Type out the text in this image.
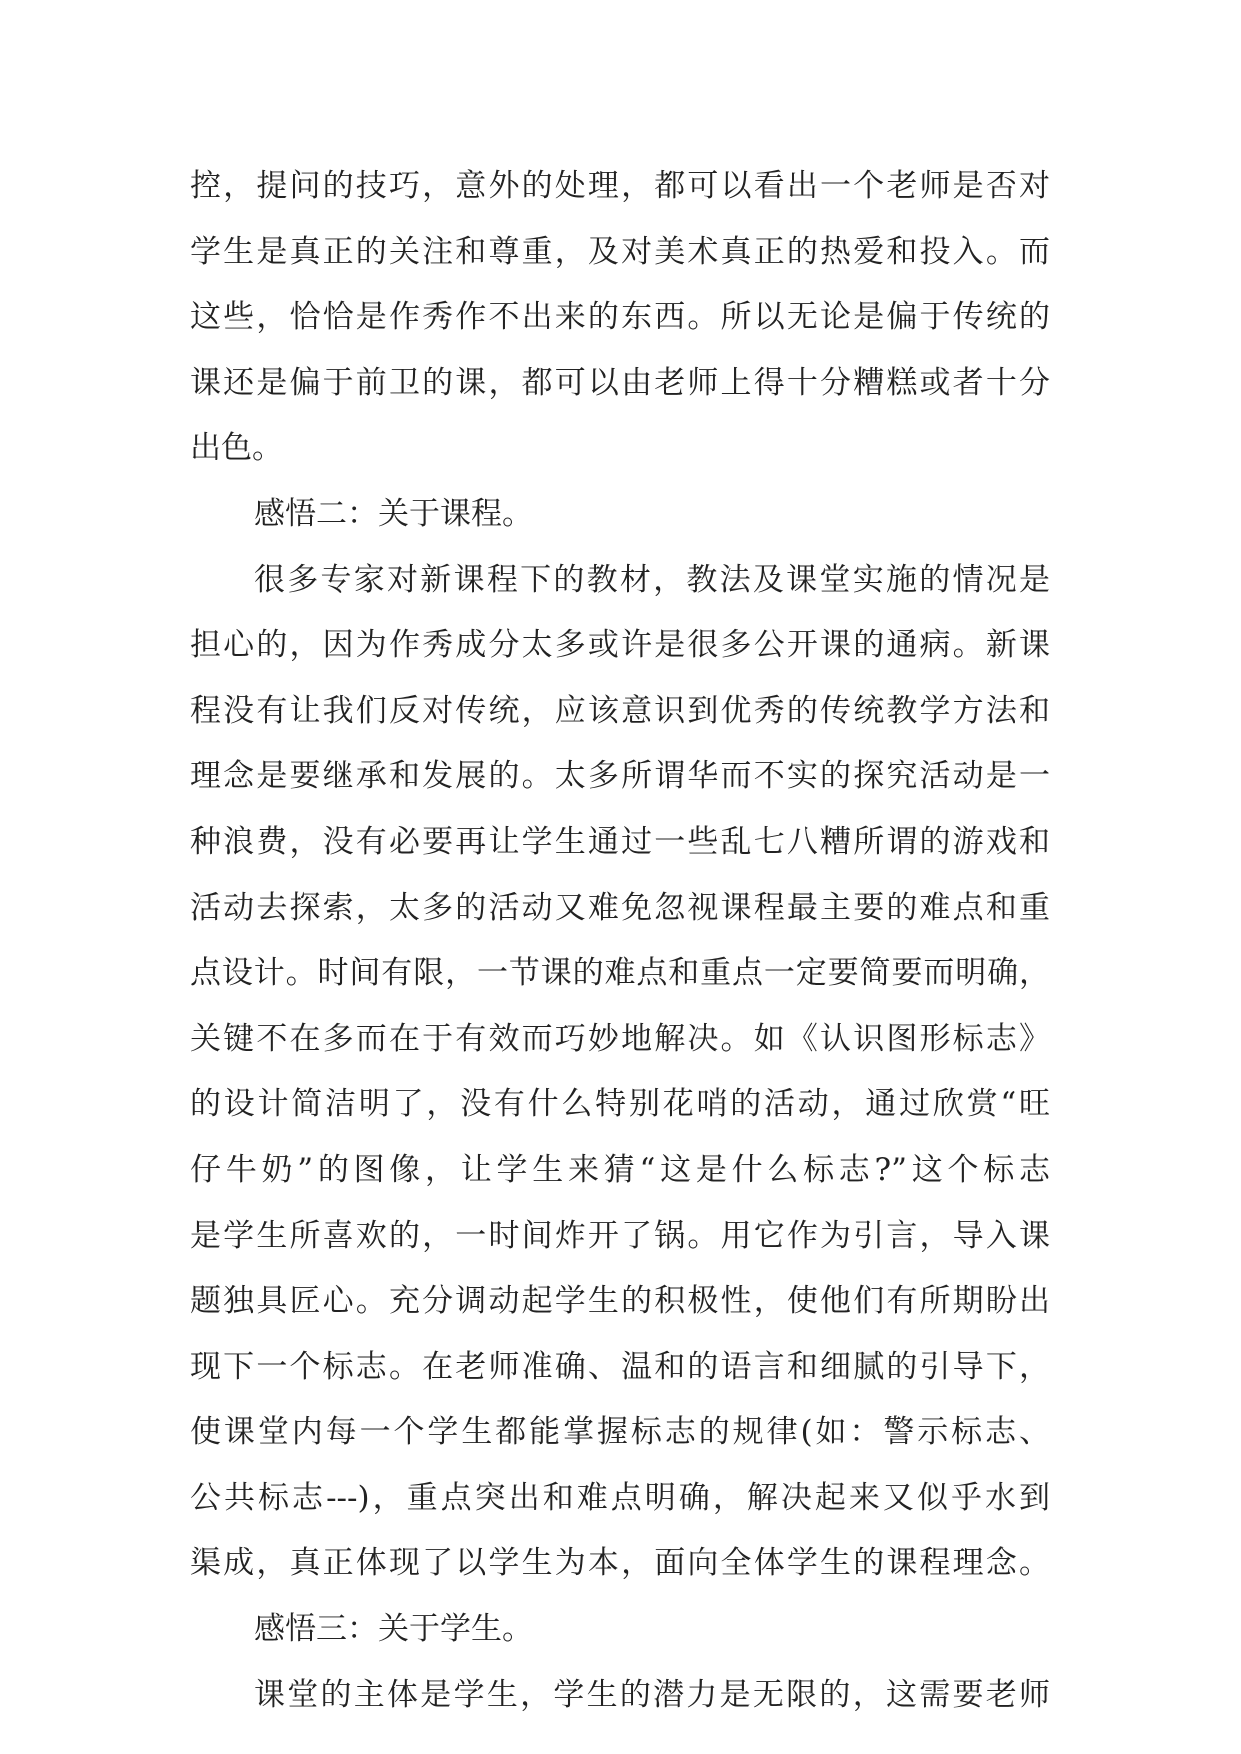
控，提问的技巧，意外的处理，都可以看出一个老师是否对
学生是真正的关注和尊重，及对美术真正的热爱和投入。而
这些，恰恰是作秀作不出来的东西。所以无论是偏于传统的
课还是偏于前卫的课，都可以由老师上得十分糟糕或者十分
出色。
感悟二：关于课程。
很多专家对新课程下的教材，教法及课堂实施的情况是
担心的，因为作秀成分太多或许是很多公开课的通病。新课
程没有让我们反对传统，应该意识到优秀的传统教学方法和
理念是要继承和发展的。太多所谓华而不实的探究活动是一
种浪费，没有必要再让学生通过一些乱七八糟所谓的游戏和
活动去探索，太多的活动又难免忽视课程最主要的难点和重
点设计。时间有限，一节课的难点和重点一定要简要而明确，
关键不在多而在于有效而巧妙地解决。如《认识图形标志》
的设计简洁明了，没有什么特别花哨的活动，通过欣赏“旺
仔牛奶”的图像，让学生来猜“这是什么标志?”这个标志
是学生所喜欢的，一时间炸开了锅。用它作为引言，导入课
题独具匠心。充分调动起学生的积极性，使他们有所期盼出
现下一个标志。在老师准确、温和的语言和细腻的引导下，
使课堂内每一个学生都能掌握标志的规律(如：警示标志、
公共标志---)，重点突出和难点明确，解决起来又似乎水到
渠成，真正体现了以学生为本，面向全体学生的课程理念。
感悟三：关于学生。
课堂的主体是学生，学生的潜力是无限的，这需要老师
